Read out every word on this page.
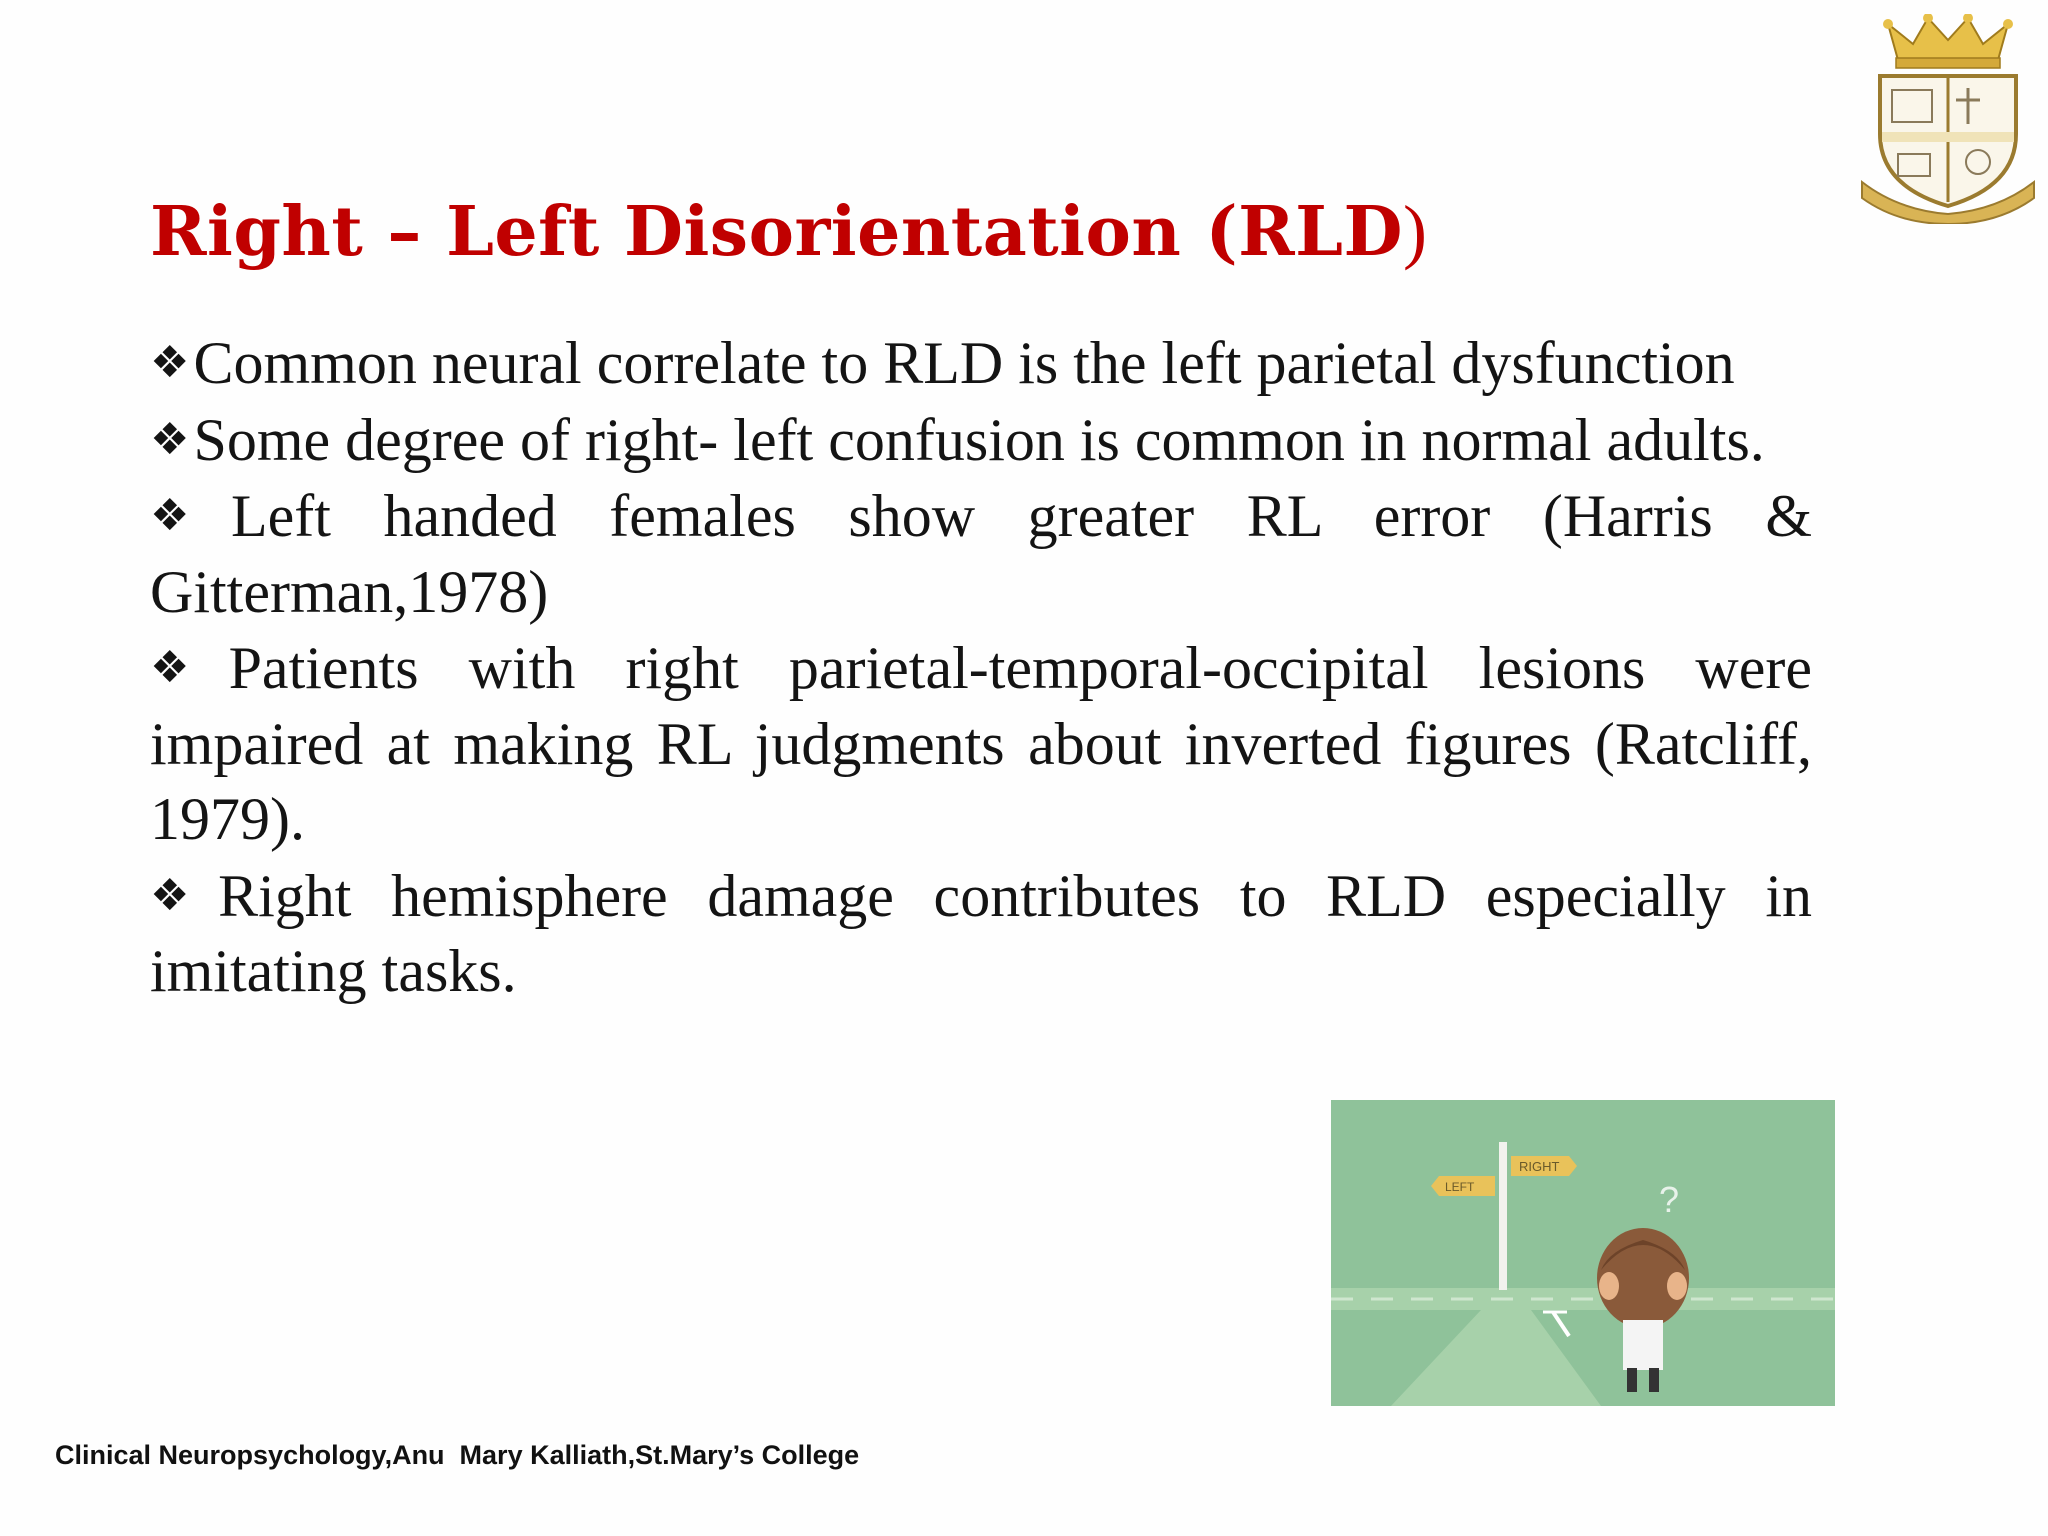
Right – Left Disorientation (RLD)

❖Common neural correlate to RLD is the left parietal dysfunction

❖Some degree of right- left confusion is common in normal adults.

❖Left handed females show greater RL error (Harris & Gitterman,1978)

❖Patients with right parietal-temporal-occipital lesions were impaired at making RL judgments about inverted figures (Ratcliff, 1979).

❖Right hemisphere damage contributes to RLD especially in imitating tasks.

RIGHT
LEFT	?
Clinical Neuropsychology,Anu  Mary Kalliath,St.Mary’s College
